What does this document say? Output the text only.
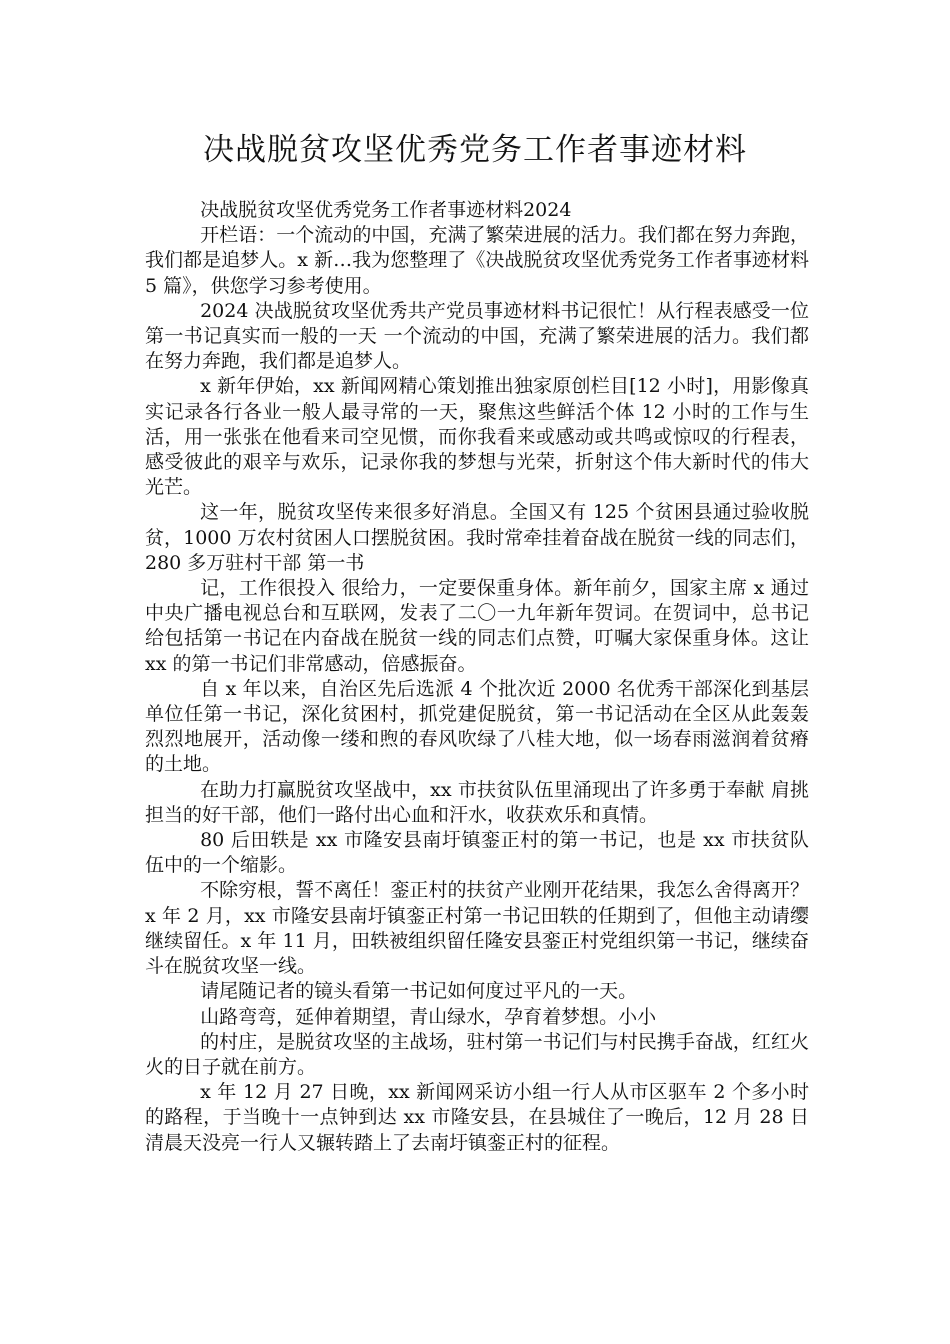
决战脱贫攻坚优秀党务工作者事迹材料

决战脱贫攻坚优秀党务工作者事迹材料2024

开栏语：一个流动的中国，充满了繁荣进展的活力。我们都在努力奔跑，我们都是追梦人。x 新…我为您整理了《决战脱贫攻坚优秀党务工作者事迹材料 5 篇》，供您学习参考使用。

2024 决战脱贫攻坚优秀共产党员事迹材料书记很忙！从行程表感受一位第一书记真实而一般的一天 一个流动的中国，充满了繁荣进展的活力。我们都在努力奔跑，我们都是追梦人。

x 新年伊始，xx 新闻网精心策划推出独家原创栏目[12 小时]，用影像真实记录各行各业一般人最寻常的一天，聚焦这些鲜活个体 12 小时的工作与生活，用一张张在他看来司空见惯，而你我看来或感动或共鸣或惊叹的行程表，感受彼此的艰辛与欢乐，记录你我的梦想与光荣，折射这个伟大新时代的伟大光芒。

这一年，脱贫攻坚传来很多好消息。全国又有 125 个贫困县通过验收脱贫，1000 万农村贫困人口摆脱贫困。我时常牵挂着奋战在脱贫一线的同志们，280 多万驻村干部 第一书

记，工作很投入 很给力，一定要保重身体。新年前夕，国家主席 x 通过中央广播电视总台和互联网，发表了二〇一九年新年贺词。在贺词中，总书记给包括第一书记在内奋战在脱贫一线的同志们点赞，叮嘱大家保重身体。这让 xx 的第一书记们非常感动，倍感振奋。

自 x 年以来，自治区先后选派 4 个批次近 2000 名优秀干部深化到基层单位任第一书记，深化贫困村，抓党建促脱贫，第一书记活动在全区从此轰轰烈烈地展开，活动像一缕和煦的春风吹绿了八桂大地，似一场春雨滋润着贫瘠的土地。

在助力打赢脱贫攻坚战中，xx 市扶贫队伍里涌现出了许多勇于奉献 肩挑担当的好干部，他们一路付出心血和汗水，收获欢乐和真情。

80 后田轶是 xx 市隆安县南圩镇銮正村的第一书记，也是 xx 市扶贫队伍中的一个缩影。

不除穷根，誓不离任！銮正村的扶贫产业刚开花结果，我怎么舍得离开？x 年 2 月，xx 市隆安县南圩镇銮正村第一书记田轶的任期到了，但他主动请缨继续留任。x 年 11 月，田轶被组织留任隆安县銮正村党组织第一书记，继续奋斗在脱贫攻坚一线。

请尾随记者的镜头看第一书记如何度过平凡的一天。

山路弯弯，延伸着期望，青山绿水，孕育着梦想。小小

的村庄，是脱贫攻坚的主战场，驻村第一书记们与村民携手奋战，红红火火的日子就在前方。

x 年 12 月 27 日晚，xx 新闻网采访小组一行人从市区驱车 2 个多小时的路程，于当晚十一点钟到达 xx 市隆安县，在县城住了一晚后，12 月 28 日清晨天没亮一行人又辗转踏上了去南圩镇銮正村的征程。
